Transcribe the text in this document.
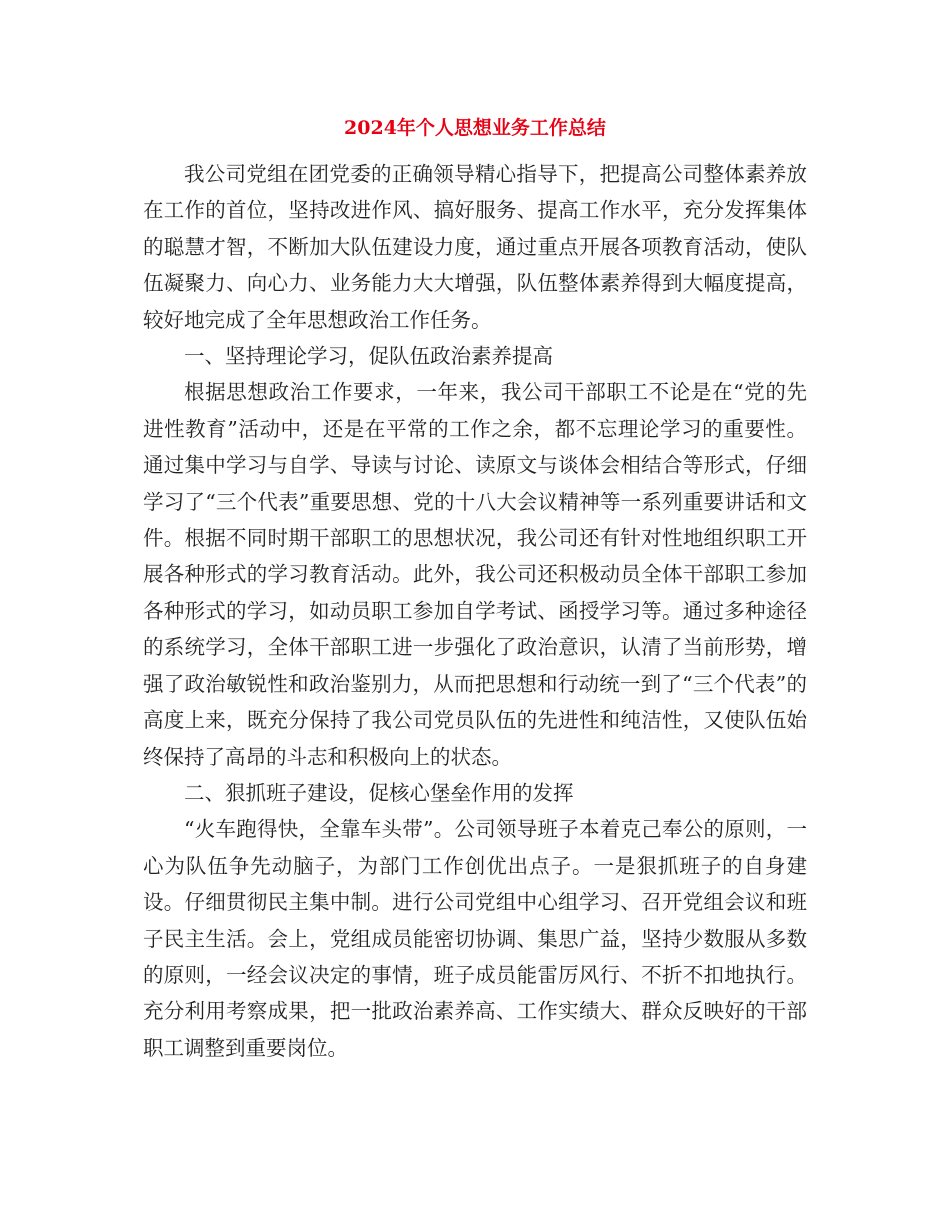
2024年个人思想业务工作总结

我公司党组在团党委的正确领导精心指导下，把提高公司整体素养放在工作的首位，坚持改进作风、搞好服务、提高工作水平，充分发挥集体的聪慧才智，不断加大队伍建设力度，通过重点开展各项教育活动，使队伍凝聚力、向心力、业务能力大大增强，队伍整体素养得到大幅度提高，较好地完成了全年思想政治工作任务。

一、坚持理论学习，促队伍政治素养提高

根据思想政治工作要求，一年来，我公司干部职工不论是在“党的先进性教育”活动中，还是在平常的工作之余，都不忘理论学习的重要性。通过集中学习与自学、导读与讨论、读原文与谈体会相结合等形式，仔细学习了“三个代表”重要思想、党的十八大会议精神等一系列重要讲话和文件。根据不同时期干部职工的思想状况，我公司还有针对性地组织职工开展各种形式的学习教育活动。此外，我公司还积极动员全体干部职工参加各种形式的学习，如动员职工参加自学考试、函授学习等。通过多种途径的系统学习，全体干部职工进一步强化了政治意识，认清了当前形势，增强了政治敏锐性和政治鉴别力，从而把思想和行动统一到了“三个代表”的高度上来，既充分保持了我公司党员队伍的先进性和纯洁性，又使队伍始终保持了高昂的斗志和积极向上的状态。

二、狠抓班子建设，促核心堡垒作用的发挥

“火车跑得快，全靠车头带”。公司领导班子本着克己奉公的原则，一心为队伍争先动脑子，为部门工作创优出点子。一是狠抓班子的自身建设。仔细贯彻民主集中制。进行公司党组中心组学习、召开党组会议和班子民主生活。会上，党组成员能密切协调、集思广益，坚持少数服从多数的原则，一经会议决定的事情，班子成员能雷厉风行、不折不扣地执行。充分利用考察成果，把一批政治素养高、工作实绩大、群众反映好的干部职工调整到重要岗位。
